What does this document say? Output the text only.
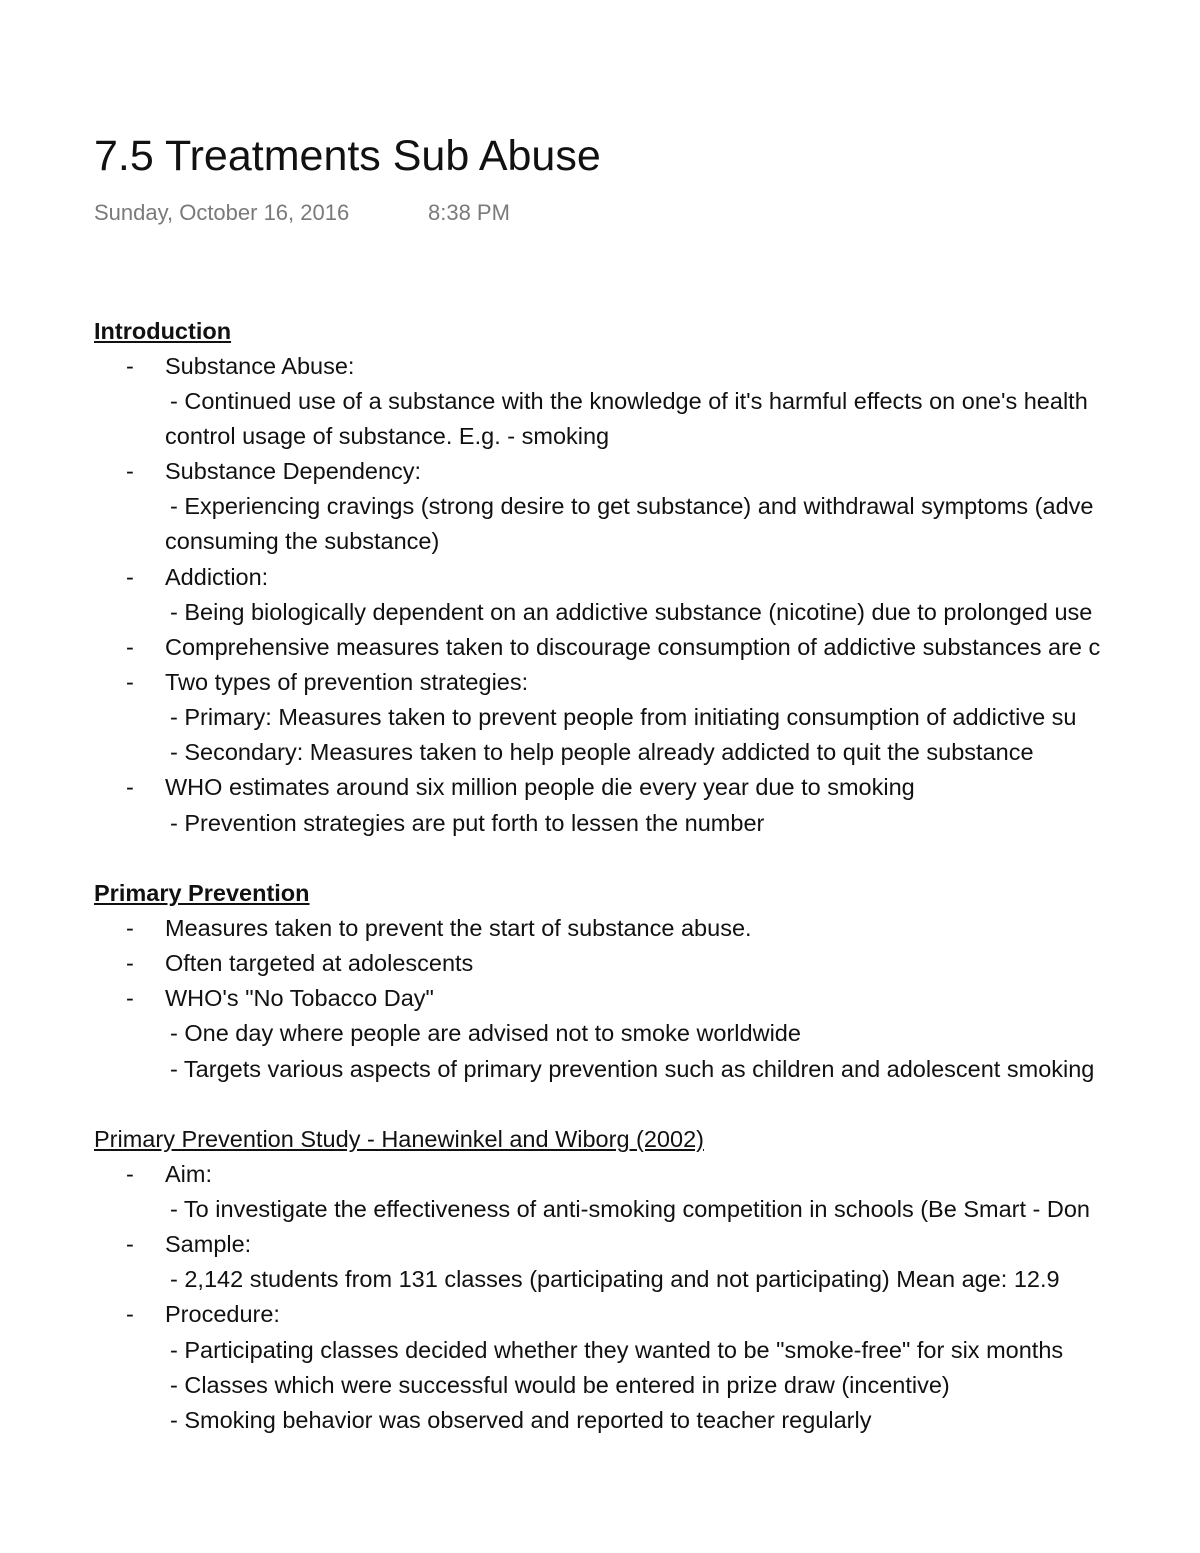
7.5 Treatments Sub Abuse
Sunday, October 16, 2016	8:38 PM
Introduction
- Substance Abuse:
- Continued use of a substance with the knowledge of it's harmful effects on one's health
control usage of substance. E.g. - smoking
- Substance Dependency:
- Experiencing cravings (strong desire to get substance) and withdrawal symptoms (adve
consuming the substance)
- Addiction:
- Being biologically dependent on an addictive substance (nicotine) due to prolonged use
- Comprehensive measures taken to discourage consumption of addictive substances are c
- Two types of prevention strategies:
- Primary: Measures taken to prevent people from initiating consumption of addictive su
- Secondary: Measures taken to help people already addicted to quit the substance
- WHO estimates around six million people die every year due to smoking
- Prevention strategies are put forth to lessen the number
Primary Prevention
- Measures taken to prevent the start of substance abuse.
- Often targeted at adolescents
- WHO's "No Tobacco Day"
- One day where people are advised not to smoke worldwide
- Targets various aspects of primary prevention such as children and adolescent smoking
Primary Prevention Study - Hanewinkel and Wiborg (2002)
- Aim:
- To investigate the effectiveness of anti-smoking competition in schools (Be Smart - Don
- Sample:
- 2,142 students from 131 classes (participating and not participating) Mean age: 12.9
- Procedure:
- Participating classes decided whether they wanted to be "smoke-free" for six months
- Classes which were successful would be entered in prize draw (incentive)
- Smoking behavior was observed and reported to teacher regularly
